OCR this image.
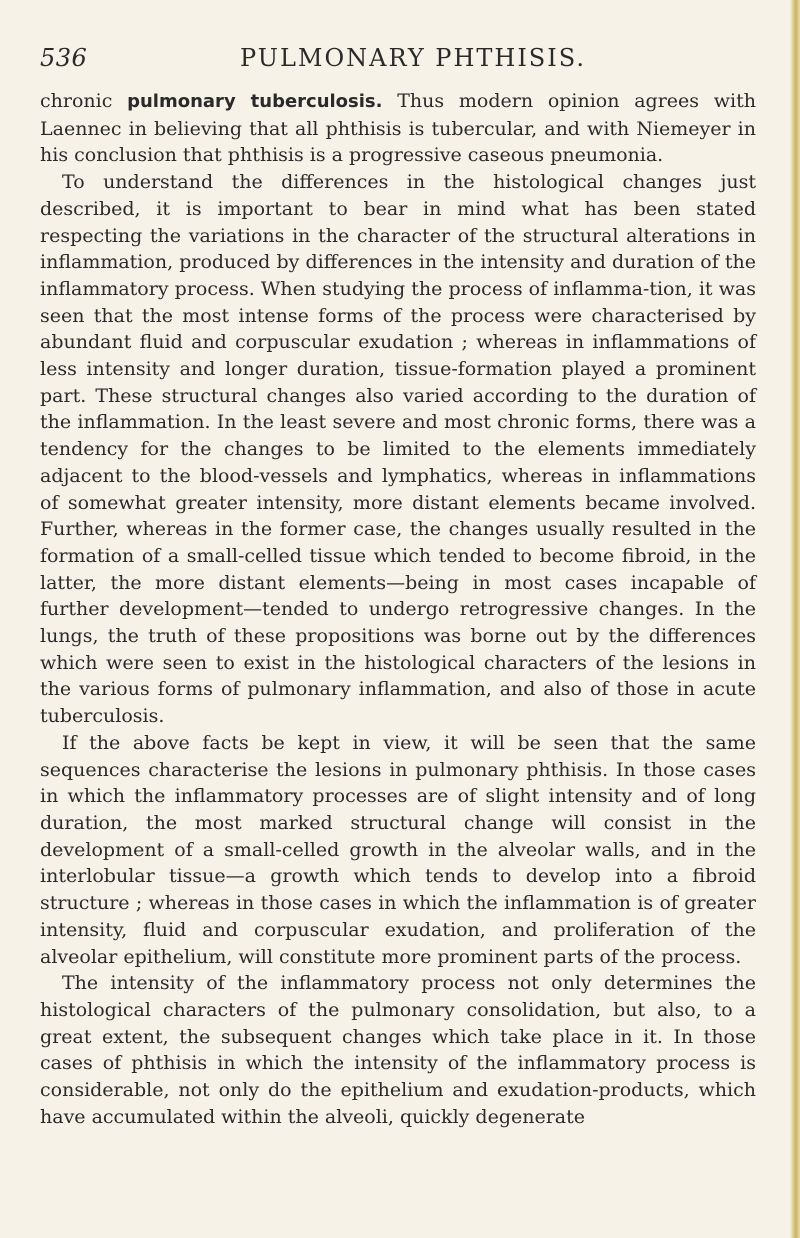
536	PULMONARY PHTHISIS.

chronic pulmonary tuberculosis. Thus modern opinion agrees with Laennec in believing that all phthisis is tubercular, and with Niemeyer in his conclusion that phthisis is a progressive caseous pneumonia.

To understand the differences in the histological changes just described, it is important to bear in mind what has been stated respecting the variations in the character of the structural alterations in inflammation, produced by differences in the intensity and duration of the inflammatory process. When studying the process of inflamma-tion, it was seen that the most intense forms of the process were characterised by abundant fluid and corpuscular exudation ; whereas in inflammations of less intensity and longer duration, tissue-formation played a prominent part. These structural changes also varied according to the duration of the inflammation. In the least severe and most chronic forms, there was a tendency for the changes to be limited to the elements immediately adjacent to the blood-vessels and lymphatics, whereas in inflammations of somewhat greater intensity, more distant elements became involved. Further, whereas in the former case, the changes usually resulted in the formation of a small-celled tissue which tended to become fibroid, in the latter, the more distant elements—being in most cases incapable of further development—tended to undergo retrogressive changes. In the lungs, the truth of these propositions was borne out by the differences which were seen to exist in the histological characters of the lesions in the various forms of pulmonary inflammation, and also of those in acute tuberculosis.

If the above facts be kept in view, it will be seen that the same sequences characterise the lesions in pulmonary phthisis. In those cases in which the inflammatory processes are of slight intensity and of long duration, the most marked structural change will consist in the development of a small-celled growth in the alveolar walls, and in the interlobular tissue—a growth which tends to develop into a fibroid structure ; whereas in those cases in which the inflammation is of greater intensity, fluid and corpuscular exudation, and proliferation of the alveolar epithelium, will constitute more prominent parts of the process.

The intensity of the inflammatory process not only determines the histological characters of the pulmonary consolidation, but also, to a great extent, the subsequent changes which take place in it. In those cases of phthisis in which the intensity of the inflammatory process is considerable, not only do the epithelium and exudation-products, which have accumulated within the alveoli, quickly degenerate
